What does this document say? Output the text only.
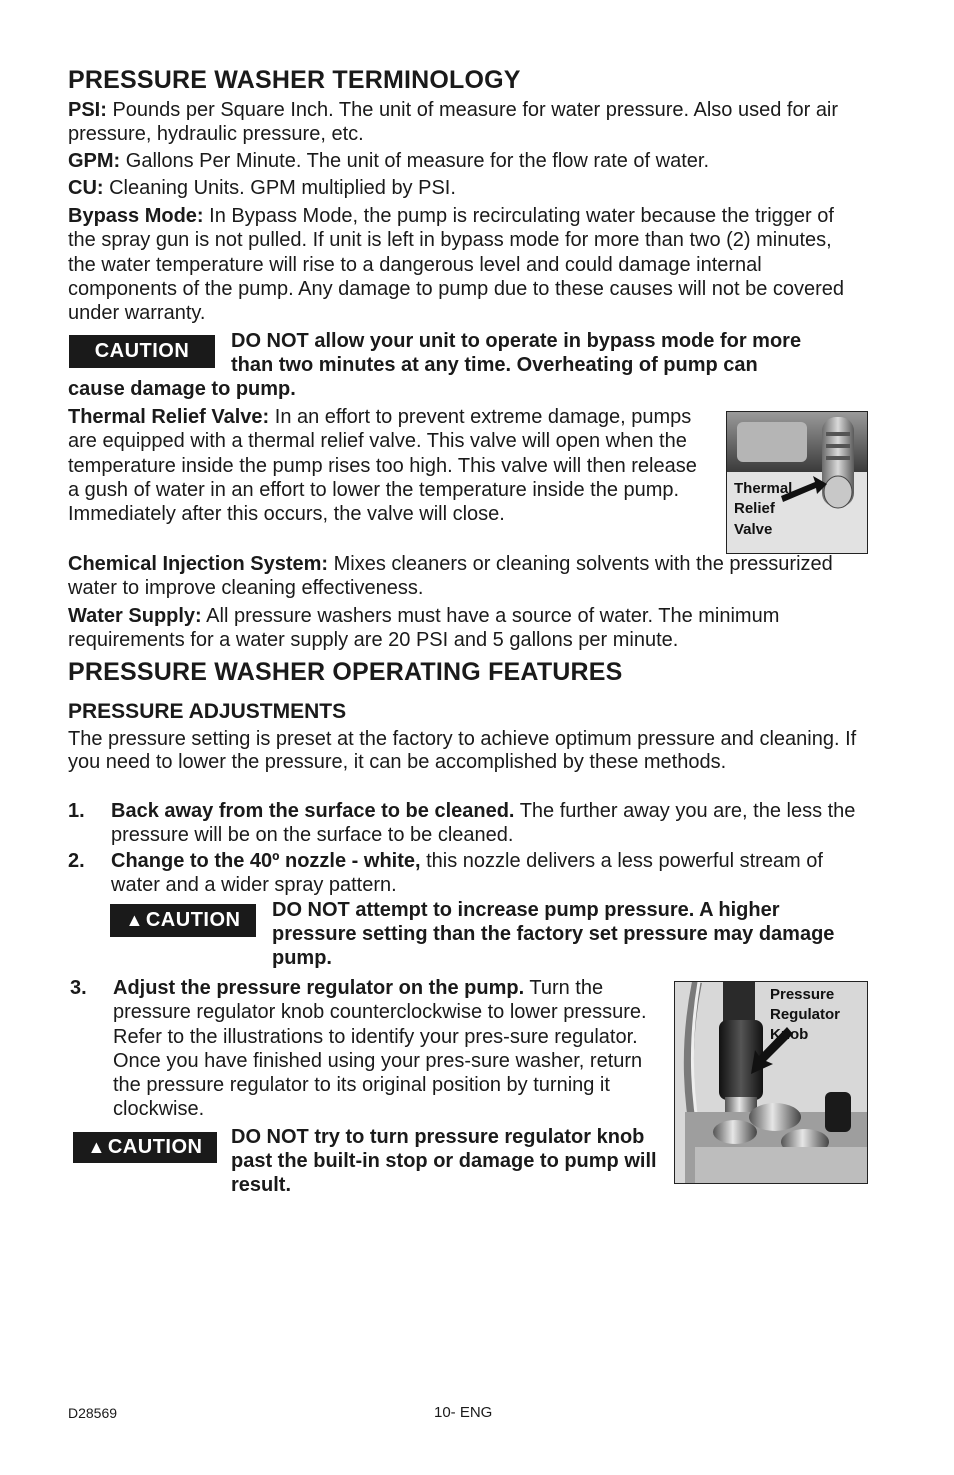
PRESSURE WASHER TERMINOLOGY
PSI: Pounds per Square Inch. The unit of measure for water pressure. Also used for air pressure, hydraulic pressure, etc.
GPM: Gallons Per Minute. The unit of measure for the flow rate of water.
CU: Cleaning Units. GPM multiplied by PSI.
Bypass Mode: In Bypass Mode, the pump is recirculating water because the trigger of the spray gun is not pulled. If unit is left in bypass mode for more than two (2) minutes, the water temperature will rise to a dangerous level and could damage internal components of the pump. Any damage to pump due to these causes will not be covered under warranty.
CAUTION	DO NOT allow your unit to operate in bypass mode for more
than two minutes at any time. Overheating of pump can
cause damage to pump.
Thermal Relief Valve: In an effort to prevent extreme damage, pumps are equipped with a thermal relief valve. This valve will open when the temperature inside the pump rises too high. This valve will then release a gush of water in an effort to lower the temperature inside the pump. Immediately after this occurs, the valve will close.
Thermal
Relief
Valve
Chemical Injection System: Mixes cleaners or cleaning solvents with the pressurized water to improve cleaning effectiveness.
Water Supply: All pressure washers must have a source of water. The minimum requirements for a water supply are 20 PSI and 5 gallons per minute.
PRESSURE WASHER OPERATING FEATURES
PRESSURE ADJUSTMENTS
The pressure setting is preset at the factory to achieve optimum pressure and cleaning. If you need to lower the pressure, it can be accomplished by these methods.
1. Back away from the surface to be cleaned. The further away you are, the less the pressure will be on the surface to be cleaned.
2. Change to the 40º nozzle - white, this nozzle delivers a less powerful stream of water and a wider spray pattern.
▲ CAUTION	DO NOT attempt to increase pump pressure. A higher pressure setting than the factory set pressure may damage pump.
3. Adjust the pressure regulator on the pump. Turn the pressure regulator knob counterclockwise to lower pressure. Refer to the illustrations to identify your pres-sure regulator. Once you have finished using your pres-sure washer, return the pressure regulator to its original position by turning it clockwise.
Pressure
Regulator
Knob
▲ CAUTION	DO NOT try to turn pressure regulator knob past the built-in stop or damage to pump will result.
D28569	10- ENG
